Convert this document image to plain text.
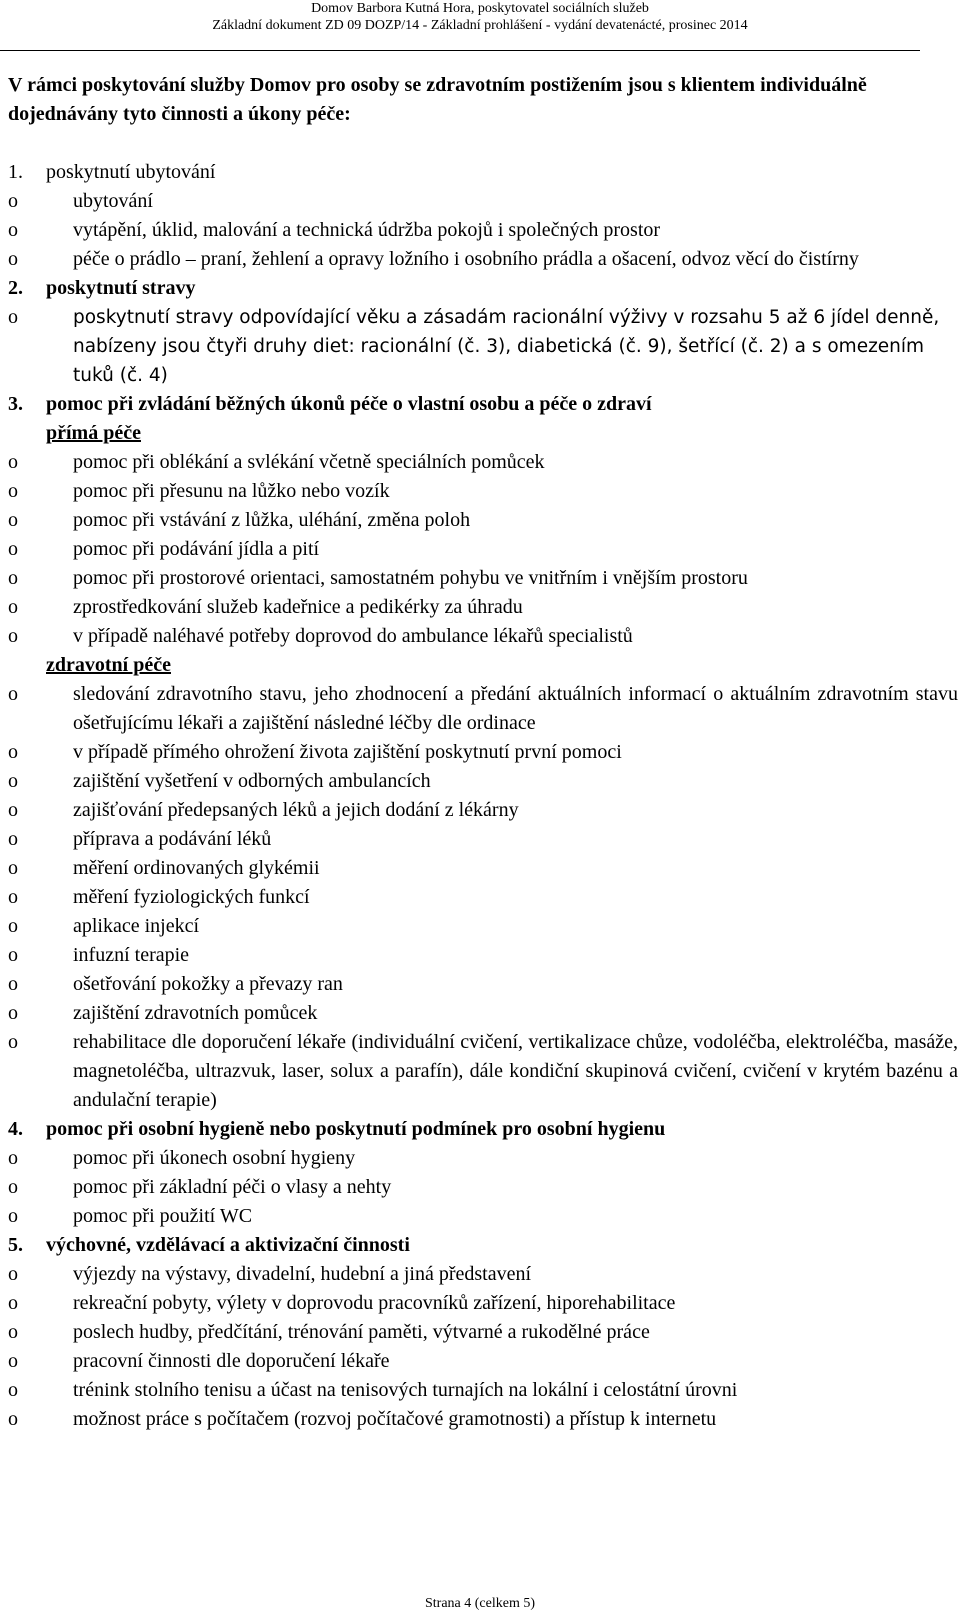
Domov Barbora Kutná Hora, poskytovatel sociálních služeb
Základní dokument ZD 09 DOZP/14 - Základní prohlášení - vydání devatenácté, prosinec 2014

V rámci poskytování služby Domov pro osoby se zdravotním postižením jsou s klientem individuálně dojednávány tyto činnosti a úkony péče:

1.	poskytnutí ubytování
o	ubytování
o	vytápění, úklid, malování a technická údržba pokojů i společných prostor
o	péče o prádlo – praní, žehlení a opravy ložního i osobního prádla a ošacení, odvoz věcí do čistírny
2.	poskytnutí stravy
o	poskytnutí stravy odpovídající věku a zásadám racionální výživy v rozsahu 5 až 6 jídel denně, nabízeny jsou čtyři druhy diet: racionální (č. 3), diabetická (č. 9), šetřící (č. 2) a s omezením tuků (č. 4)
3.	pomoc při zvládání běžných úkonů péče o vlastní osobu a péče o zdraví
přímá péče
o	pomoc při oblékání a svlékání včetně speciálních pomůcek
o	pomoc při přesunu na lůžko nebo vozík
o	pomoc při vstávání z lůžka, uléhání, změna poloh
o	pomoc při podávání jídla a pití
o	pomoc při prostorové orientaci, samostatném pohybu ve vnitřním i vnějším prostoru
o	zprostředkování služeb kadeřnice a pedikérky za úhradu
o	v případě naléhavé potřeby doprovod do ambulance lékařů specialistů
zdravotní péče
o	sledování zdravotního stavu, jeho zhodnocení a předání aktuálních informací o aktuálním zdravotním stavu ošetřujícímu lékaři a zajištění následné léčby dle ordinace
o	v případě přímého ohrožení života zajištění poskytnutí první pomoci
o	zajištění vyšetření v odborných ambulancích
o	zajišťování předepsaných léků a jejich dodání z lékárny
o	příprava a podávání léků
o	měření ordinovaných glykémii
o	měření fyziologických funkcí
o	aplikace injekcí
o	infuzní terapie
o	ošetřování pokožky a převazy ran
o	zajištění zdravotních pomůcek
o	rehabilitace dle doporučení lékaře (individuální cvičení, vertikalizace chůze, vodoléčba, elektroléčba, masáže, magnetoléčba, ultrazvuk, laser, solux a parafín), dále kondiční skupinová cvičení, cvičení v krytém bazénu a andulační terapie)
4.	pomoc při osobní hygieně nebo poskytnutí podmínek pro osobní hygienu
o	pomoc při úkonech osobní hygieny
o	pomoc při základní péči o vlasy a nehty
o	pomoc při použití WC
5.	výchovné, vzdělávací a aktivizační činnosti
o	výjezdy na výstavy, divadelní, hudební a jiná představení
o	rekreační pobyty, výlety v doprovodu pracovníků zařízení, hiporehabilitace
o	poslech hudby, předčítání, trénování paměti, výtvarné a rukodělné práce
o	pracovní činnosti dle doporučení lékaře
o	trénink stolního tenisu a účast na tenisových turnajích na lokální i celostátní úrovni
o	možnost práce s počítačem (rozvoj počítačové gramotnosti) a přístup k internetu
Strana 4 (celkem 5)
